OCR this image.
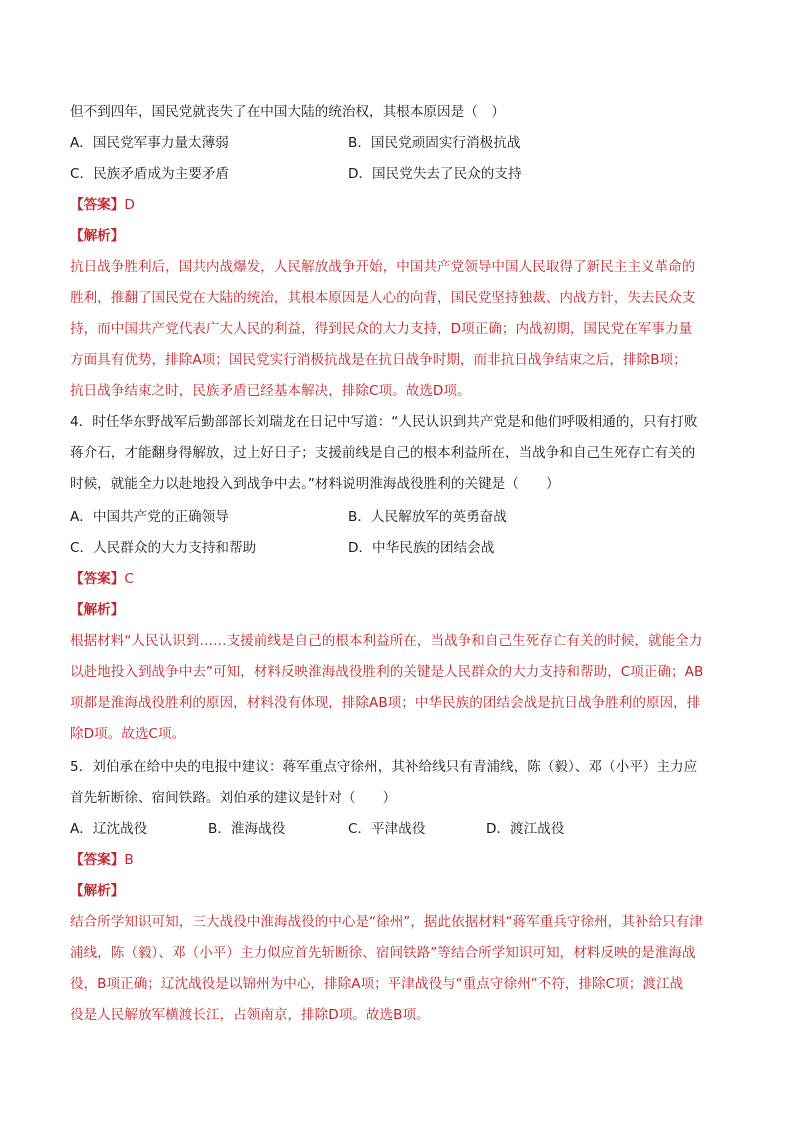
但不到四年，国民党就丧失了在中国大陆的统治权，其根本原因是（　）

A．国民党军事力量太薄弱	B．国民党顽固实行消极抗战

C．民族矛盾成为主要矛盾	D．国民党失去了民众的支持

【答案】D

【解析】

抗日战争胜利后，国共内战爆发，人民解放战争开始，中国共产党领导中国人民取得了新民主主义革命的

胜利，推翻了国民党在大陆的统治，其根本原因是人心的向背，国民党坚持独裁、内战方针，失去民众支

持，而中国共产党代表广大人民的利益，得到民众的大力支持，D项正确；内战初期，国民党在军事力量

方面具有优势，排除A项；国民党实行消极抗战是在抗日战争时期，而非抗日战争结束之后，排除B项；

抗日战争结束之时，民族矛盾已经基本解决，排除C项。故选D项。

4．时任华东野战军后勤部部长刘瑞龙在日记中写道：“人民认识到共产党是和他们呼吸相通的，只有打败

蒋介石，才能翻身得解放，过上好日子；支援前线是自己的根本利益所在，当战争和自己生死存亡有关的

时候，就能全力以赴地投入到战争中去。”材料说明淮海战役胜利的关键是（　　）

A．中国共产党的正确领导	B．人民解放军的英勇奋战

C．人民群众的大力支持和帮助	D．中华民族的团结会战

【答案】C

【解析】

根据材料“人民认识到……支援前线是自己的根本利益所在，当战争和自己生死存亡有关的时候，就能全力

以赴地投入到战争中去”可知，材料反映淮海战役胜利的关键是人民群众的大力支持和帮助，C项正确；AB

项都是淮海战役胜利的原因，材料没有体现，排除AB项；中华民族的团结会战是抗日战争胜利的原因，排

除D项。故选C项。

5．刘伯承在给中央的电报中建议：蒋军重点守徐州，其补给线只有青浦线，陈（毅）、邓（小平）主力应

首先斩断徐、宿间铁路。刘伯承的建议是针对（　　）

A．辽沈战役	B．淮海战役	C．平津战役	D．渡江战役

【答案】B

【解析】

结合所学知识可知，三大战役中淮海战役的中心是“徐州”，据此依据材料“蒋军重兵守徐州，其补给只有津

浦线，陈（毅）、邓（小平）主力似应首先斩断徐、宿间铁路”等结合所学知识可知，材料反映的是淮海战

役，B项正确；辽沈战役是以锦州为中心，排除A项；平津战役与“重点守徐州”不符，排除C项；渡江战

役是人民解放军横渡长江，占领南京，排除D项。故选B项。
